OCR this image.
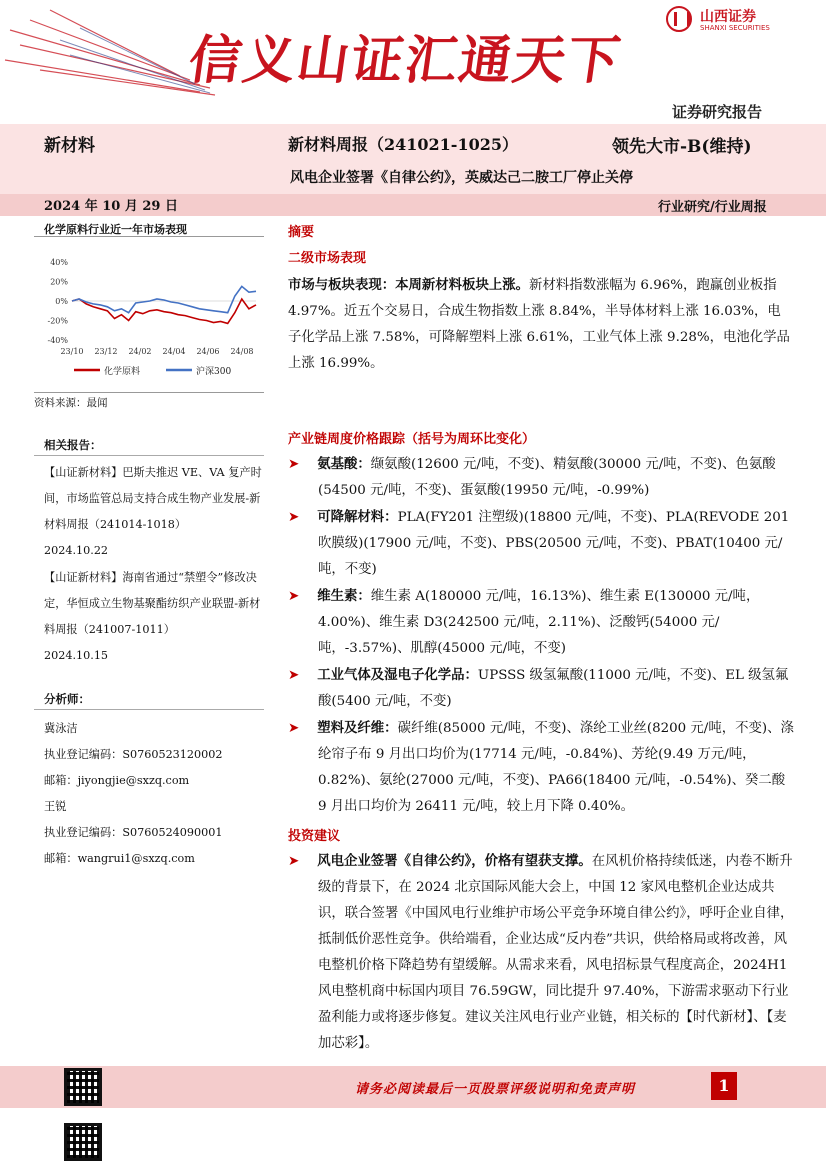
信义山证汇通天下
山西证券
SHANXI SECURITIES
证券研究报告
新材料	新材料周报（241021-1025）	领先大市-B(维持)
风电企业签署《自律公约》，英威达己二胺工厂停止关停
2024 年 10 月 29 日	行业研究/行业周报
化学原料行业近一年市场表现
40%
20%
0%
-20%
-40%
23/10 23/12 24/02 24/04 24/06 24/08
化学原料	沪深300
资料来源：最闻
相关报告：
【山证新材料】巴斯夫推迟 VE、VA 复产时间，市场监管总局支持合成生物产业发展-新材料周报（241014-1018）
2024.10.22
【山证新材料】海南省通过“禁塑令”修改决定，华恒成立生物基聚酯纺织产业联盟-新材料周报（241007-1011）
2024.10.15
分析师：
冀泳洁
执业登记编码：S0760523120002
邮箱：jiyongjie@sxzq.com
王锐
执业登记编码：S0760524090001
邮箱：wangrui1@sxzq.com
摘要
二级市场表现
市场与板块表现：本周新材料板块上涨。新材料指数涨幅为 6.96%，跑赢创业板指 4.97%。近五个交易日，合成生物指数上涨 8.84%，半导体材料上涨 16.03%，电子化学品上涨 7.58%，可降解塑料上涨 6.61%，工业气体上涨 9.28%，电池化学品上涨 16.99%。
产业链周度价格跟踪（括号为周环比变化）
➤ 氨基酸：缬氨酸(12600 元/吨，不变)、精氨酸(30000 元/吨，不变)、色氨酸(54500 元/吨，不变)、蛋氨酸(19950 元/吨，-0.99%)
➤ 可降解材料：PLA(FY201 注塑级)(18800 元/吨，不变)、PLA(REVODE 201 吹膜级)(17900 元/吨，不变)、PBS(20500 元/吨，不变)、PBAT(10400 元/吨，不变)
➤ 维生素：维生素 A(180000 元/吨，16.13%)、维生素 E(130000 元/吨，4.00%)、维生素 D3(242500 元/吨，2.11%)、泛酸钙(54000 元/吨，-3.57%)、肌醇(45000 元/吨，不变)
➤ 工业气体及湿电子化学品：UPSSS 级氢氟酸(11000 元/吨，不变)、EL 级氢氟酸(5400 元/吨，不变)
➤ 塑料及纤维：碳纤维(85000 元/吨，不变)、涤纶工业丝(8200 元/吨，不变)、涤纶帘子布 9 月出口均价为(17714 元/吨，-0.84%)、芳纶(9.49 万元/吨，0.82%)、氨纶(27000 元/吨，不变)、PA66(18400 元/吨，-0.54%)、癸二酸 9 月出口均价为 26411 元/吨，较上月下降 0.40%。
投资建议
➤ 风电企业签署《自律公约》，价格有望获支撑。在风机价格持续低迷，内卷不断升级的背景下，在 2024 北京国际风能大会上，中国 12 家风电整机企业达成共识，联合签署《中国风电行业维护市场公平竞争环境自律公约》，呼吁企业自律，抵制低价恶性竞争。供给端看，企业达成“反内卷”共识，供给格局或将改善，风电整机价格下降趋势有望缓解。从需求来看，风电招标景气程度高企，2024H1 风电整机商中标国内项目 76.59GW，同比提升 97.40%，下游需求驱动下行业盈利能力或将逐步修复。建议关注风电行业产业链，相关标的【时代新材】、【麦加芯彩】。
请务必阅读最后一页股票评级说明和免责声明	1
